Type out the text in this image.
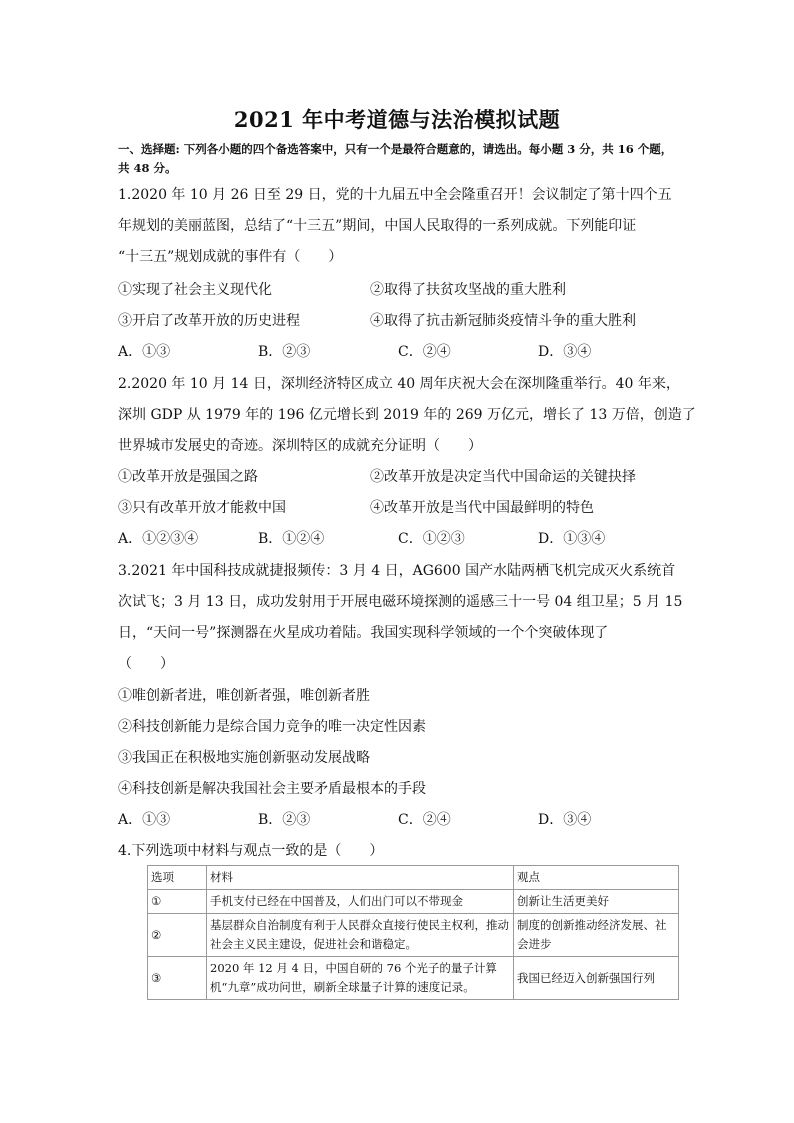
2021 年中考道德与法治模拟试题
一、选择题: 下列各小题的四个备选答案中，只有一个是最符合题意的，请选出。每小题 3 分，共 16 个题，共 48 分。
1.2020 年 10 月 26 日至 29 日，党的十九届五中全会隆重召开！会议制定了第十四个五
年规划的美丽蓝图，总结了“十三五”期间，中国人民取得的一系列成就。下列能印证
“十三五”规划成就的事件有（　　）
①实现了社会主义现代化	②取得了扶贫攻坚战的重大胜利
③开启了改革开放的历史进程	④取得了抗击新冠肺炎疫情斗争的重大胜利
A．①③	B．②③	C．②④	D．③④
2.2020 年 10 月 14 日，深圳经济特区成立 40 周年庆祝大会在深圳隆重举行。40 年来，
深圳 GDP 从 1979 年的 196 亿元增长到 2019 年的 269 万亿元，增长了 13 万倍，创造了
世界城市发展史的奇迹。深圳特区的成就充分证明（　　）
①改革开放是强国之路	②改革开放是决定当代中国命运的关键抉择
③只有改革开放才能救中国	④改革开放是当代中国最鲜明的特色
A．①②③④	B．①②④	C．①②③	D．①③④
3.2021 年中国科技成就捷报频传：3 月 4 日，AG600 国产水陆两栖飞机完成灭火系统首
次试飞；3 月 13 日，成功发射用于开展电磁环境探测的遥感三十一号 04 组卫星；5 月 15
日，“天问一号”探测器在火星成功着陆。我国实现科学领域的一个个突破体现了
（　　）
①唯创新者进，唯创新者强，唯创新者胜
②科技创新能力是综合国力竞争的唯一决定性因素
③我国正在积极地实施创新驱动发展战略
④科技创新是解决我国社会主要矛盾最根本的手段
A．①③	B．②③	C．②④	D．③④
4.下列选项中材料与观点一致的是（　　）
选项	材料	观点
①	手机支付已经在中国普及，人们出门可以不带现金	创新让生活更美好
②	基层群众自治制度有利于人民群众直接行使民主权利，推动社会主义民主建设，促进社会和谐稳定。	制度的创新推动经济发展、社会进步
③	2020 年 12 月 4 日，中国自研的 76 个光子的量子计算机“九章”成功问世，刷新全球量子计算的速度记录。	我国已经迈入创新强国行列
